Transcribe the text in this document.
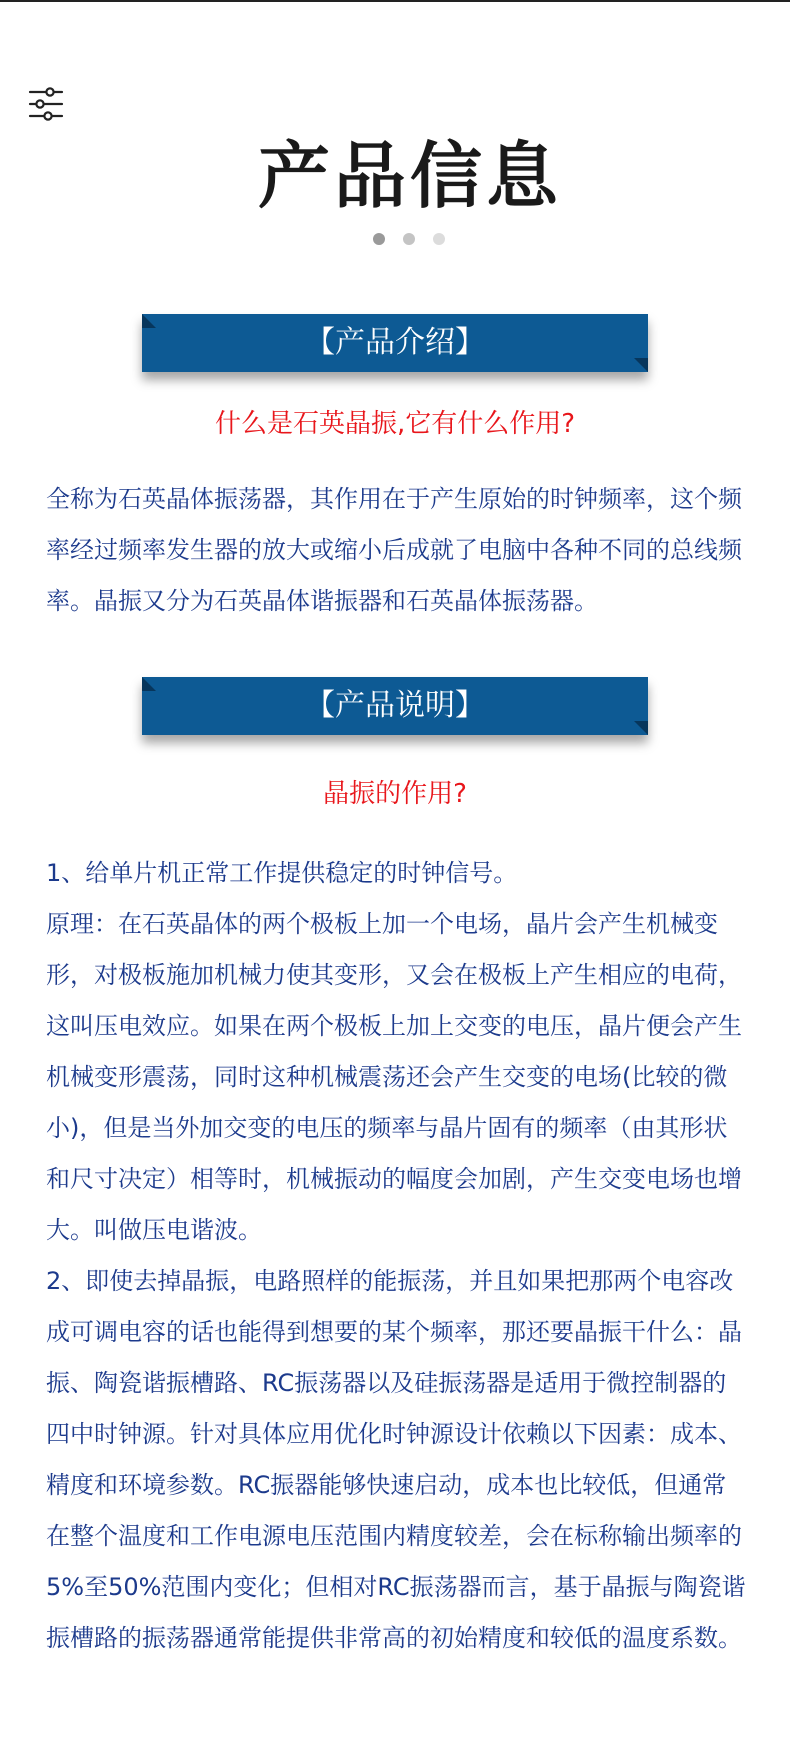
产品信息
【产品介绍】
什么是石英晶振,它有什么作用?

全称为石英晶体振荡器，其作用在于产生原始的时钟频率，这个频率经过频率发生器的放大或缩小后成就了电脑中各种不同的总线频率。晶振又分为石英晶体谐振器和石英晶体振荡器。

【产品说明】
晶振的作用?

1、给单片机正常工作提供稳定的时钟信号。

原理：在石英晶体的两个极板上加一个电场，晶片会产生机械变形，对极板施加机械力使其变形，又会在极板上产生相应的电荷，这叫压电效应。如果在两个极板上加上交变的电压，晶片便会产生机械变形震荡，同时这种机械震荡还会产生交变的电场(比较的微小)，但是当外加交变的电压的频率与晶片固有的频率（由其形状和尺寸决定）相等时，机械振动的幅度会加剧，产生交变电场也增大。叫做压电谐波。

2、即使去掉晶振，电路照样的能振荡，并且如果把那两个电容改成可调电容的话也能得到想要的某个频率，那还要晶振干什么：晶振、陶瓷谐振槽路、RC振荡器以及硅振荡器是适用于微控制器的四中时钟源。针对具体应用优化时钟源设计依赖以下因素：成本、精度和环境参数。RC振器能够快速启动，成本也比较低，但通常在整个温度和工作电源电压范围内精度较差，会在标称输出频率的5%至50%范围内变化；但相对RC振荡器而言，基于晶振与陶瓷谐振槽路的振荡器通常能提供非常高的初始精度和较低的温度系数。
